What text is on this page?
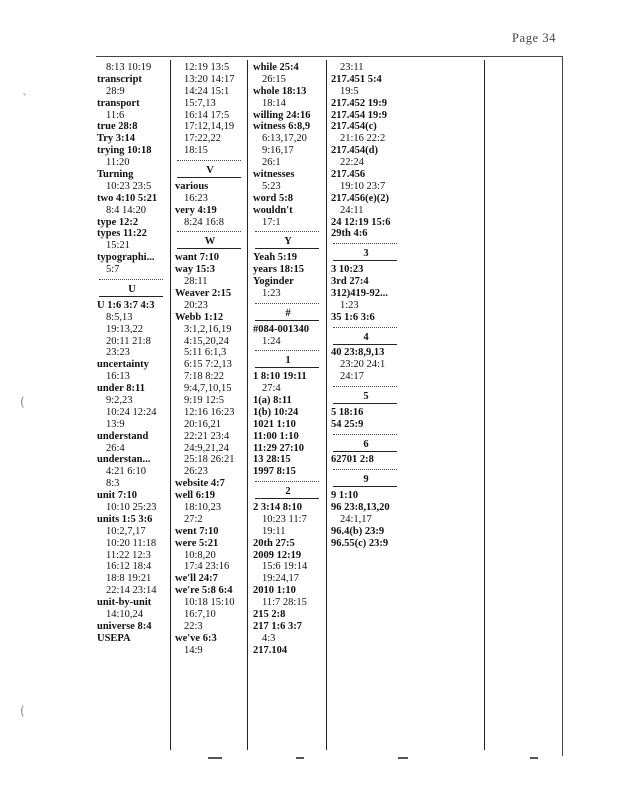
Page 34
8:13 10:19
transcript
28:9
transport
11:6
true 28:8
Try 3:14
trying 10:18
11:20
Turning
10:23 23:5
two 4:10 5:21
8:4 14:20
type 12:2
types 11:22
15:21
typographi...
5:7
U
U 1:6 3:7 4:3
8:5,13
19:13,22
20:11 21:8
23:23
uncertainty
16:13
under 8:11
9:2,23
10:24 12:24
13:9
understand
26:4
understan...
4:21 6:10
8:3
unit 7:10
10:10 25:23
units 1:5 3:6
10:2,7,17
10:20 11:18
11:22 12:3
16:12 18:4
18:8 19:21
22:14 23:14
unit-by-unit
14:10,24
universe 8:4
USEPA
12:19 13:5
13:20 14:17
14:24 15:1
15:7,13
16:14 17:5
17:12,14,19
17:22,22
18:15
V
various
16:23
very 4:19
8:24 16:8
W
want 7:10
way 15:3
28:11
Weaver 2:15
20:23
Webb 1:12
3:1,2,16,19
4:15,20,24
5:11 6:1,3
6:15 7:2,13
7:18 8:22
9:4,7,10,15
9:19 12:5
12:16 16:23
20:16,21
22:21 23:4
24:9,21,24
25:18 26:21
26:23
website 4:7
well 6:19
18:10,23
27:2
went 7:10
were 5:21
10:8,20
17:4 23:16
we'll 24:7
we're 5:8 6:4
10:18 15:10
16:7,10
22:3
we've 6:3
14:9
while 25:4
26:15
whole 18:13
18:14
willing 24:16
witness 6:8,9
6:13,17,20
9:16,17
26:1
witnesses
5:23
word 5:8
wouldn't
17:1
Y
Yeah 5:19
years 18:15
Yoginder
1:23
#
#084-001340
1:24
1
1 8:10 19:11
27:4
1(a) 8:11
1(b) 10:24
1021 1:10
11:00 1:10
11:29 27:10
13 28:15
1997 8:15
2
2 3:14 8:10
10:23 11:7
19:11
20th 27:5
2009 12:19
15:6 19:14
19:24,17
2010 1:10
11:7 28:15
215 2:8
217 1:6 3:7
4:3
217.104
23:11
217.451 5:4
19:5
217.452 19:9
217.454 19:9
217.454(c)
21:16 22:2
217.454(d)
22:24
217.456
19:10 23:7
217.456(e)(2)
24:11
24 12:19 15:6
29th 4:6
3
3 10:23
3rd 27:4
312)419-92...
1:23
35 1:6 3:6
4
40 23:8,9,13
23:20 24:1
24:17
5
5 18:16
54 25:9
6
62701 2:8
9
9 1:10
96 23:8,13,20
24:1,17
96.4(b) 23:9
96.55(c) 23:9
`
(
(
